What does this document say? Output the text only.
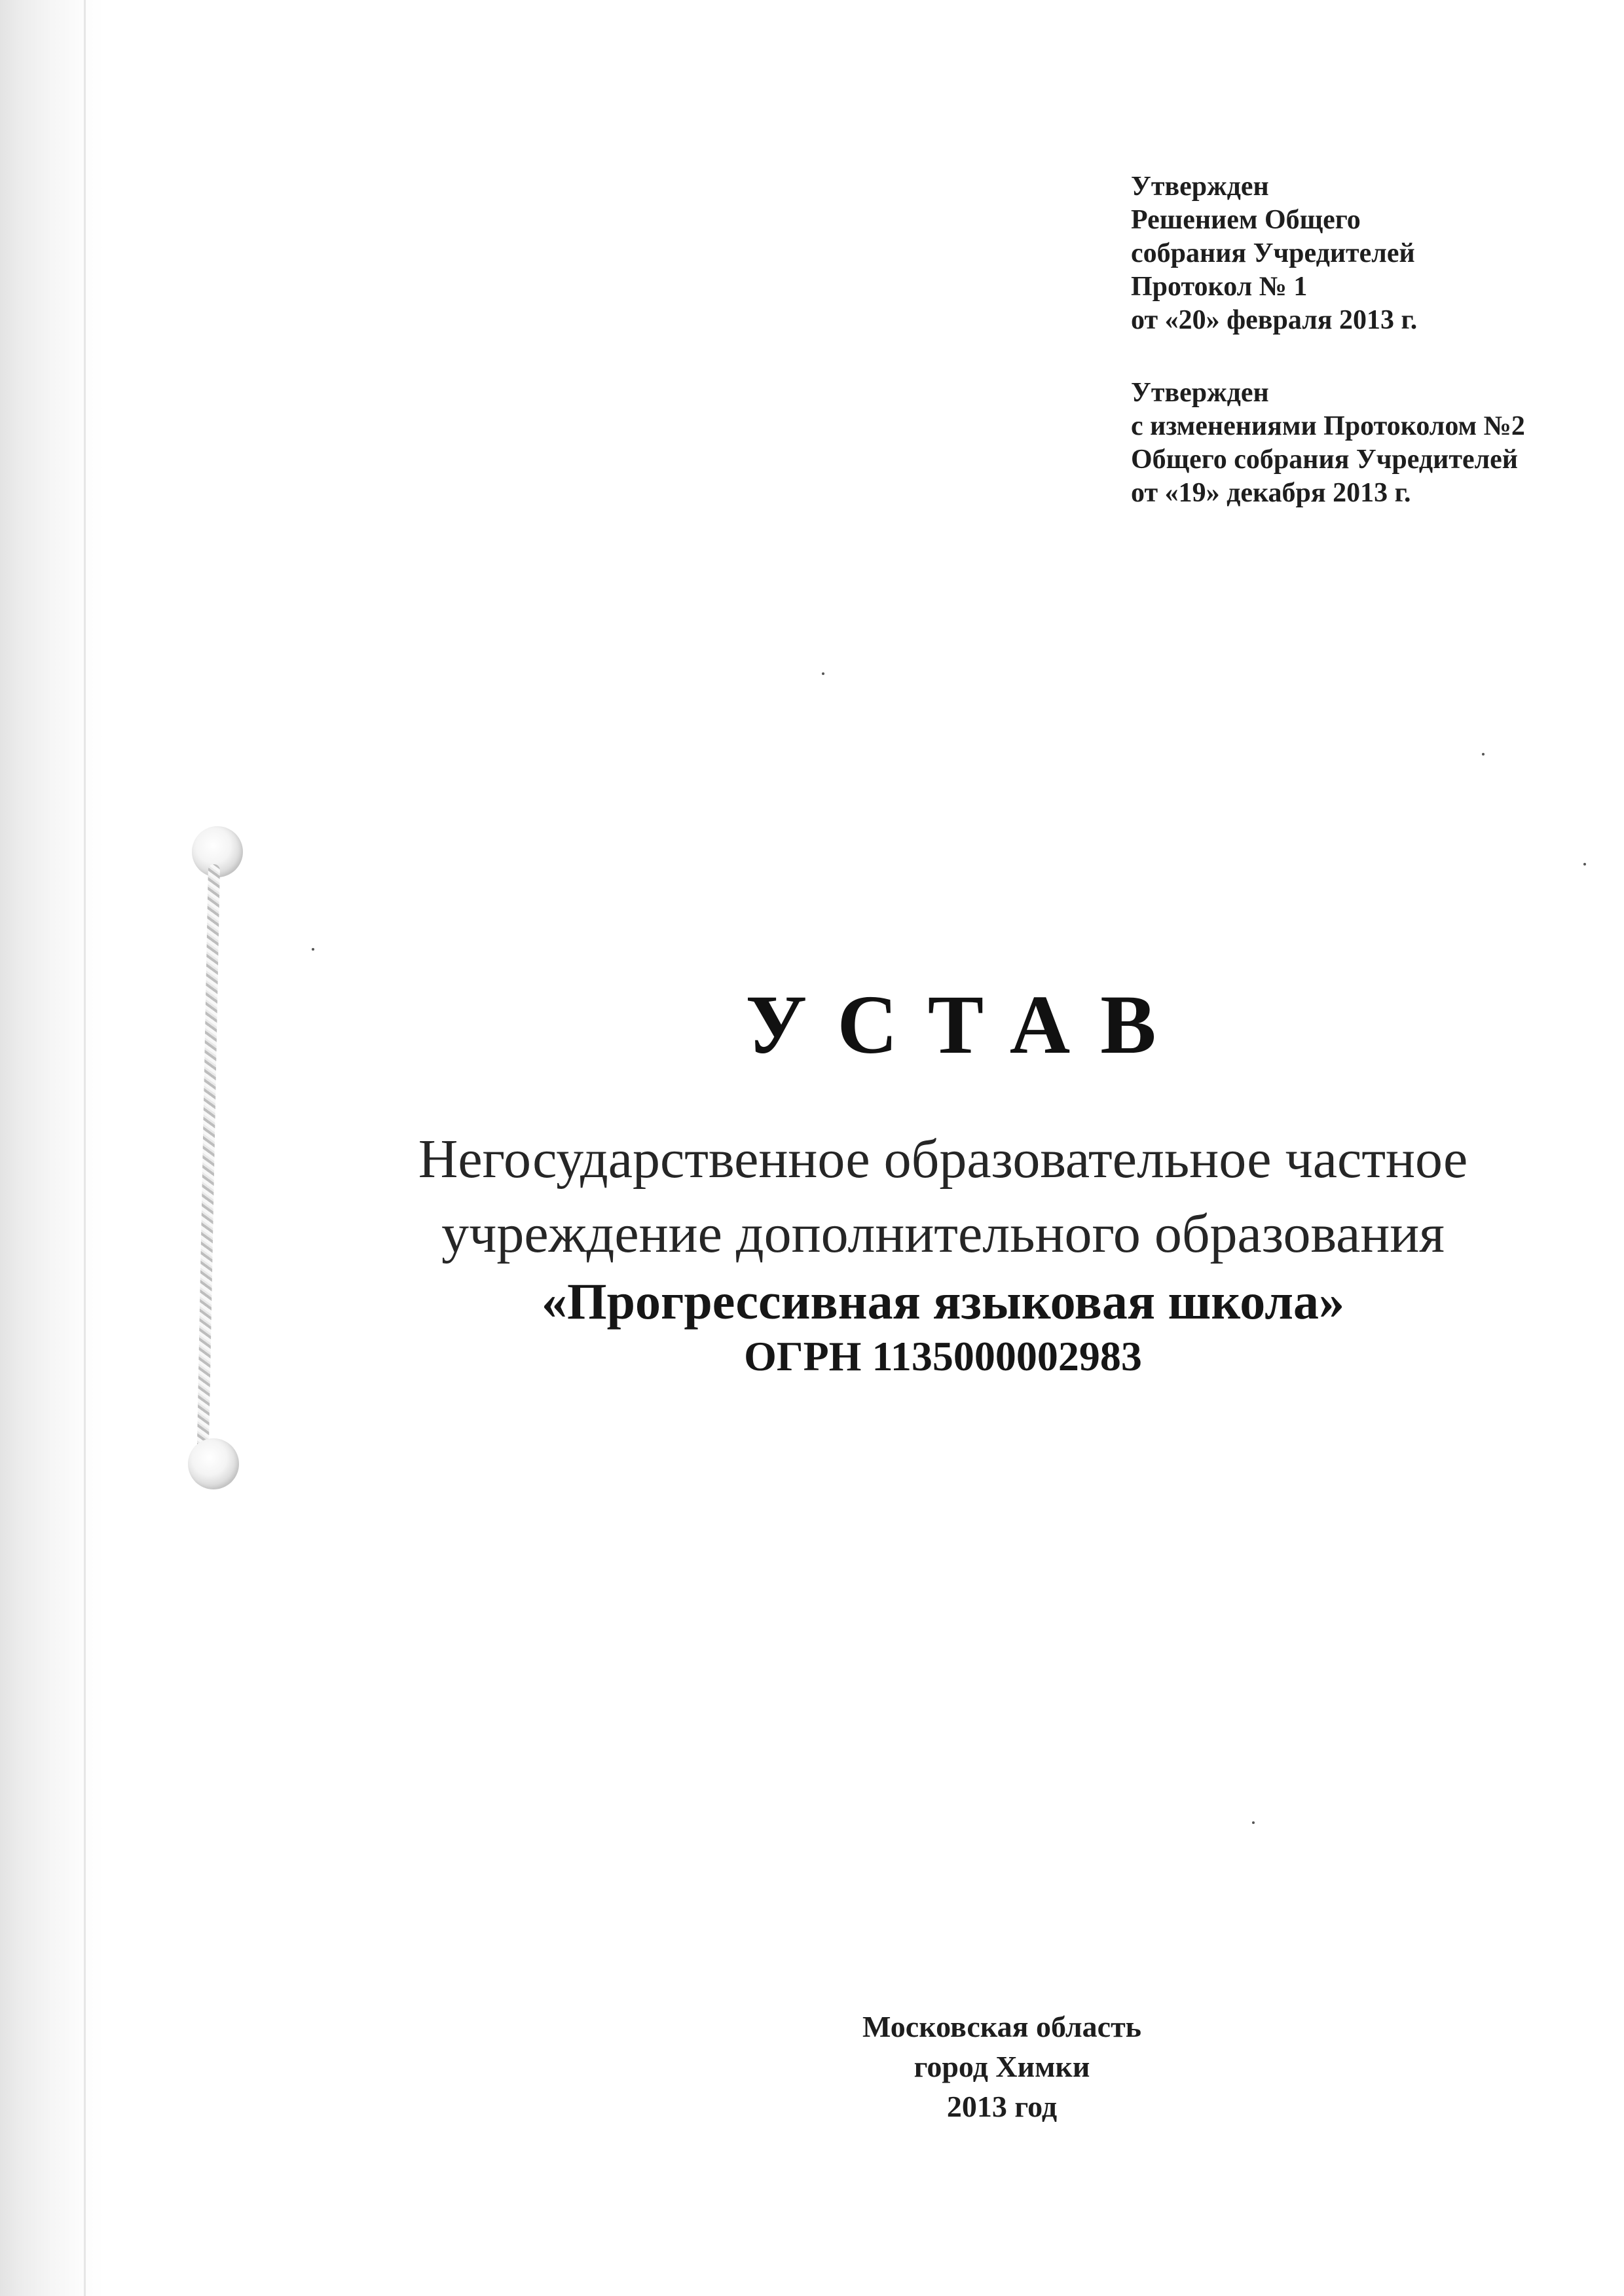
Утвержден
Решением Общего
собрания Учредителей
Протокол № 1
от «20» февраля 2013 г.
Утвержден
с изменениями Протоколом №2
Общего собрания Учредителей
от «19» декабря 2013 г.
УСТАВ
Негосударственное образовательное частное
учреждение дополнительного образования
«Прогрессивная языковая школа»
ОГРН 1135000002983
Московская область
город Химки
2013 год
